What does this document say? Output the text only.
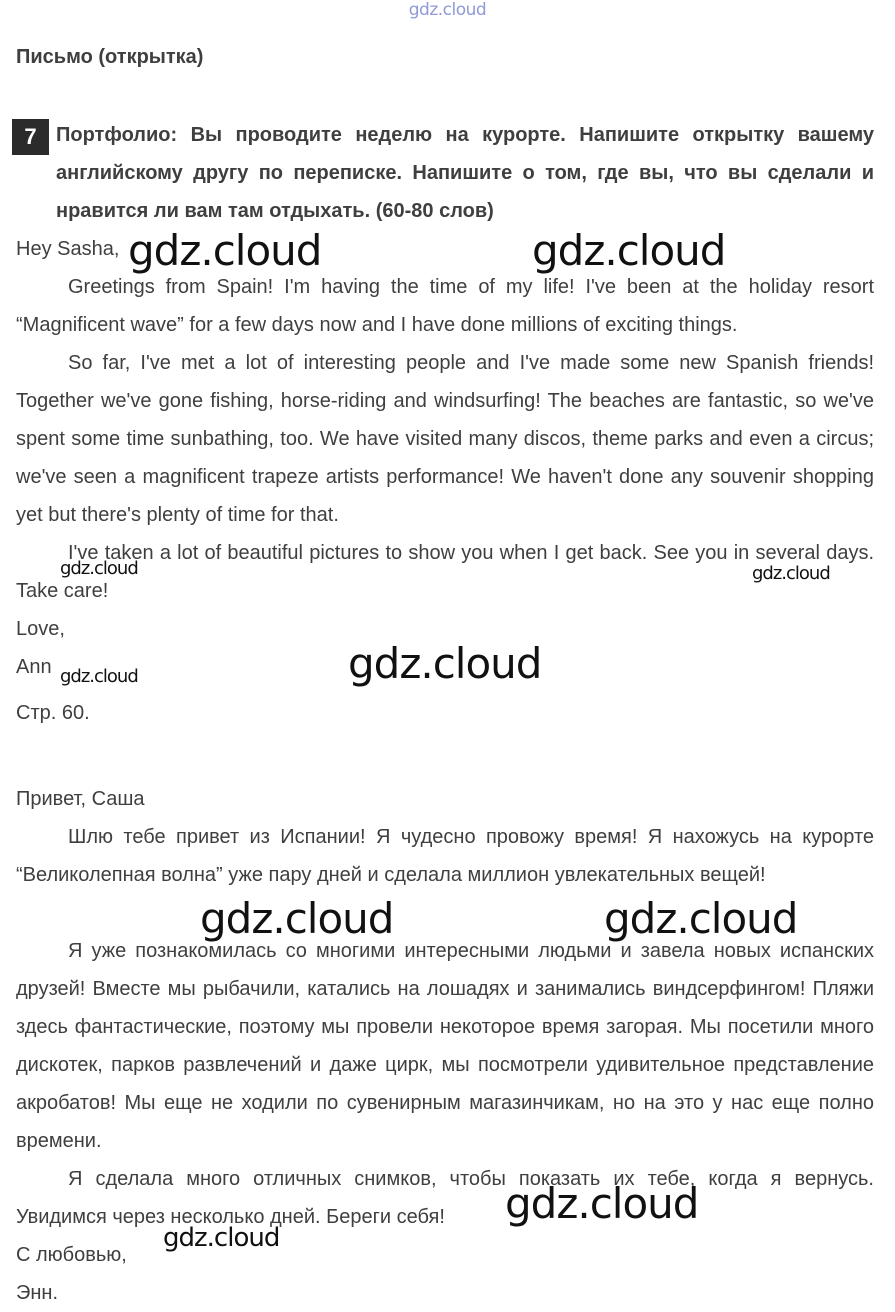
gdz.cloud
Письмо (открытка)
7 Портфолио: Вы проводите неделю на курорте. Напишите открытку вашему английскому другу по переписке. Напишите о том, где вы, что вы сделали и нравится ли вам там отдыхать. (60-80 слов)
Hey Sasha,
Greetings from Spain! I'm having the time of my life! I've been at the holiday resort “Magnificent wave” for a few days now and I have done millions of exciting things.
So far, I've met a lot of interesting people and I've made some new Spanish friends! Together we've gone fishing, horse-riding and windsurfing! The beaches are fantastic, so we've spent some time sunbathing, too. We have visited many discos, theme parks and even a circus; we've seen a magnificent trapeze artists performance! We haven't done any souvenir shopping yet but there's plenty of time for that.
I've taken a lot of beautiful pictures to show you when I get back. See you in several days. Take care!
Love,
Ann
Стр. 60.
Привет, Саша
Шлю тебе привет из Испании! Я чудесно провожу время! Я нахожусь на курорте “Великолепная волна” уже пару дней и сделала миллион увлекательных вещей!
Я уже познакомилась со многими интересными людьми и завела новых испанских друзей! Вместе мы рыбачили, катались на лошадях и занимались виндсерфингом! Пляжи здесь фантастические, поэтому мы провели некоторое время загорая. Мы посетили много дискотек, парков развлечений и даже цирк, мы посмотрели удивительное представление акробатов! Мы еще не ходили по сувенирным магазинчикам, но на это у нас еще полно времени.
Я сделала много отличных снимков, чтобы показать их тебе, когда я вернусь. Увидимся через несколько дней. Береги себя!
С любовью,
Энн.
gdz.cloud	gdz.cloud
gdz.cloud	gdz.cloud
gdz.cloud
gdz.cloud
gdz.cloud	gdz.cloud
gdz.cloud
gdz.cloud
